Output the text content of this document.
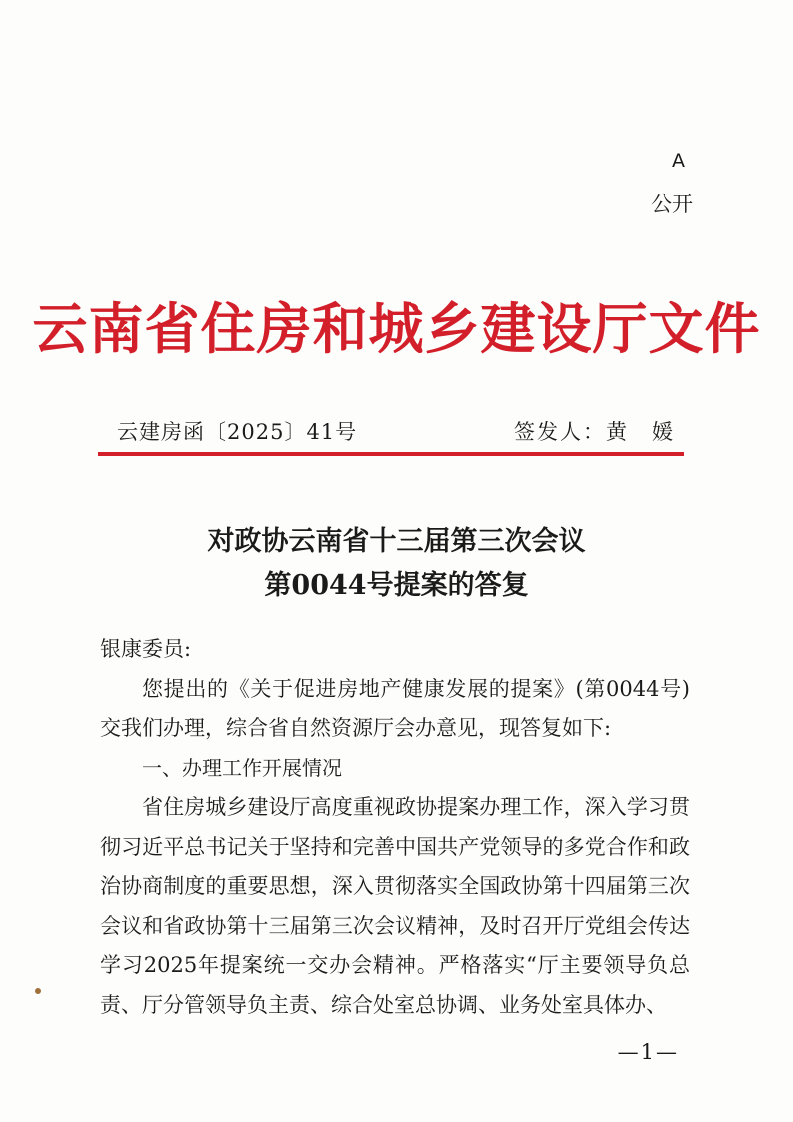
A
公开
云南省住房和城乡建设厅文件
云建房函〔2025〕41号	签发人：黄　媛
对政协云南省十三届第三次会议
第0044号提案的答复

银康委员:

您提出的《关于促进房地产健康发展的提案》(第0044号)交我们办理，综合省自然资源厅会办意见，现答复如下:

一、办理工作开展情况

省住房城乡建设厅高度重视政协提案办理工作，深入学习贯彻习近平总书记关于坚持和完善中国共产党领导的多党合作和政治协商制度的重要思想，深入贯彻落实全国政协第十四届第三次会议和省政协第十三届第三次会议精神，及时召开厅党组会传达学习2025年提案统一交办会精神。严格落实“厅主要领导负总责、厅分管领导负主责、综合处室总协调、业务处室具体办、

—1—
